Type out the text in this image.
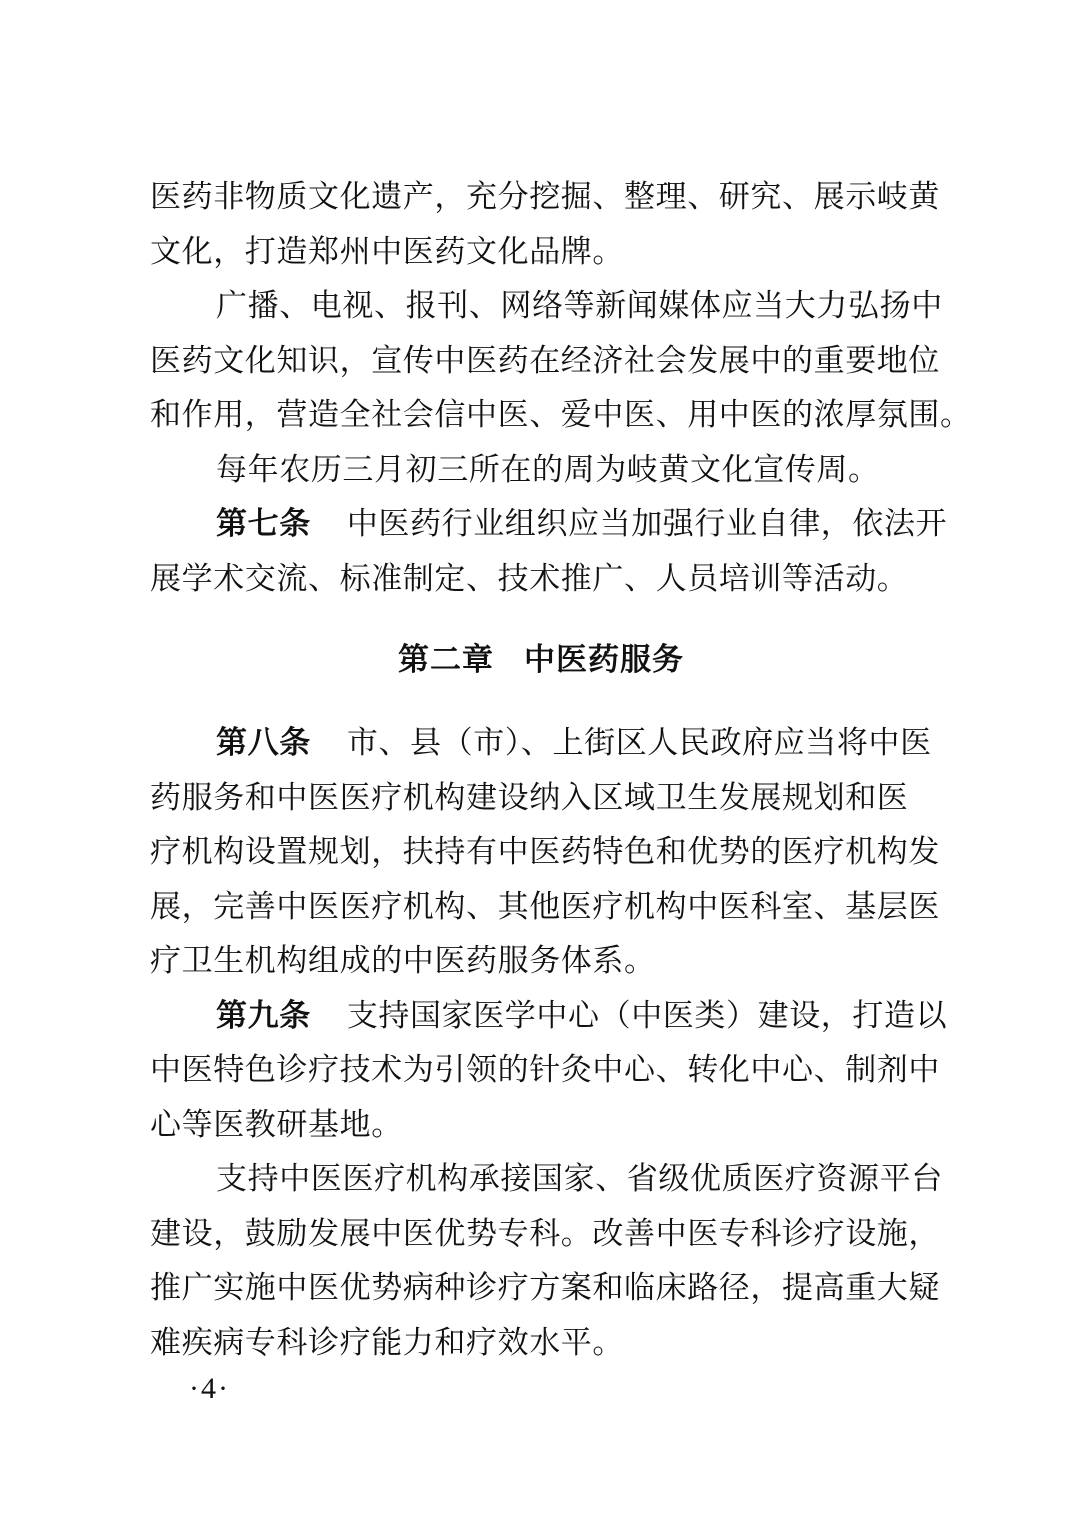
医药非物质文化遗产，充分挖掘、整理、研究、展示岐黄
文化，打造郑州中医药文化品牌。
广播、电视、报刊、网络等新闻媒体应当大力弘扬中
医药文化知识，宣传中医药在经济社会发展中的重要地位
和作用，营造全社会信中医、爱中医、用中医的浓厚氛围。
每年农历三月初三所在的周为岐黄文化宣传周。
第七条 中医药行业组织应当加强行业自律，依法开
展学术交流、标准制定、技术推广、人员培训等活动。
第二章 中医药服务
第八条 市、县（市）、上街区人民政府应当将中医
药服务和中医医疗机构建设纳入区域卫生发展规划和医
疗机构设置规划，扶持有中医药特色和优势的医疗机构发
展，完善中医医疗机构、其他医疗机构中医科室、基层医
疗卫生机构组成的中医药服务体系。
第九条 支持国家医学中心（中医类）建设，打造以
中医特色诊疗技术为引领的针灸中心、转化中心、制剂中
心等医教研基地。
支持中医医疗机构承接国家、省级优质医疗资源平台
建设，鼓励发展中医优势专科。改善中医专科诊疗设施，
推广实施中医优势病种诊疗方案和临床路径，提高重大疑
难疾病专科诊疗能力和疗效水平。
·4·
